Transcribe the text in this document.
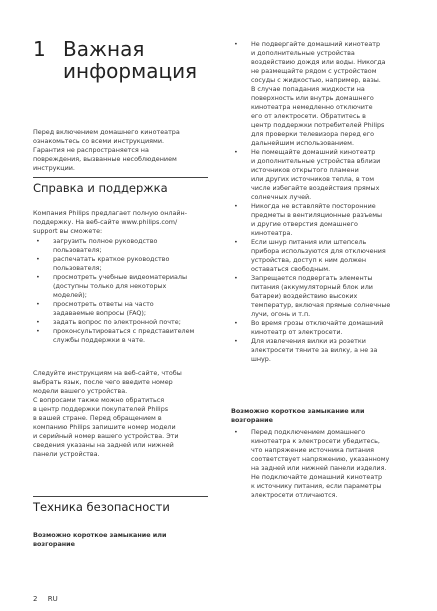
1 Важная
информация
Перед включением домашнего кинотеатра
ознакомьтесь со всеми инструкциями.
Гарантия не распространяется на
повреждения, вызванные несоблюдением
инструкции.
Справка и поддержка
Компания Philips предлагает полную онлайн-
поддержку. На веб-сайте www.philips.com/
support вы сможете:
• загрузить полное руководство
пользователя;
• распечатать краткое руководство
пользователя;
• просмотреть учебные видеоматериалы
(доступны только для некоторых
моделей);
• просмотреть ответы на часто
задаваемые вопросы (FAQ);
• задать вопрос по электронной почте;
• проконсультироваться с представителем
службы поддержки в чате.
Следуйте инструкциям на веб-сайте, чтобы
выбрать язык, после чего введите номер
модели вашего устройства.
С вопросами также можно обратиться
в центр поддержки покупателей Philips
в вашей стране. Перед обращением в
компанию Philips запишите номер модели
и серийный номер вашего устройства. Эти
сведения указаны на задней или нижней
панели устройства.
Техника безопасности
Возможно короткое замыкание или
возгорание
• Не подвергайте домашний кинотеатр
и дополнительные устройства
воздействию дождя или воды. Никогда
не размещайте рядом с устройством
сосуды с жидкостью, например, вазы.
В случае попадания жидкости на
поверхность или внутрь домашнего
кинотеатра немедленно отключите
его от электросети. Обратитесь в
центр поддержки потребителей Philips
для проверки телевизора перед его
дальнейшим использованием.
• Не помещайте домашний кинотеатр
и дополнительные устройства вблизи
источников открытого пламени
или других источников тепла, в том
числе избегайте воздействия прямых
солнечных лучей.
• Никогда не вставляйте посторонние
предметы в вентиляционные разъемы
и другие отверстия домашнего
кинотеатра.
• Если шнур питания или штепсель
прибора используются для отключения
устройства, доступ к ним должен
оставаться свободным.
• Запрещается подвергать элементы
питания (аккумуляторный блок или
батареи) воздействию высоких
температур, включая прямые солнечные
лучи, огонь и т.п.
• Во время грозы отключайте домашний
кинотеатр от электросети.
• Для извлечения вилки из розетки
электросети тяните за вилку, а не за
шнур.
Возможно короткое замыкание или
возгорание
• Перед подключением домашнего
кинотеатра к электросети убедитесь,
что напряжение источника питания
соответствует напряжению, указанному
на задней или нижней панели изделия.
Не подключайте домашний кинотеатр
к источнику питания, если параметры
электросети отличаются.
2 RU
